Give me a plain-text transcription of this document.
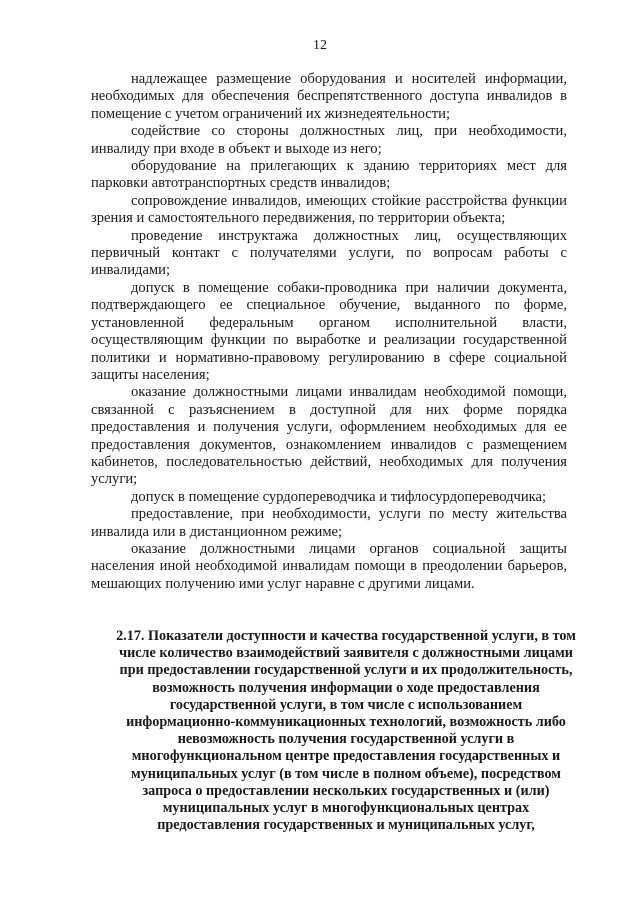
12

надлежащее размещение оборудования и носителей информации, необходимых для обеспечения беспрепятственного доступа инвалидов в помещение с учетом ограничений их жизнедеятельности;

содействие со стороны должностных лиц, при необходимости, инвалиду при входе в объект и выходе из него;

оборудование на прилегающих к зданию территориях мест для парковки автотранспортных средств инвалидов;

сопровождение инвалидов, имеющих стойкие расстройства функции зрения и самостоятельного передвижения, по территории объекта;

проведение инструктажа должностных лиц, осуществляющих первичный контакт с получателями услуги, по вопросам работы с инвалидами;

допуск в помещение собаки-проводника при наличии документа, подтверждающего ее специальное обучение, выданного по форме, установленной федеральным органом исполнительной власти, осуществляющим функции по выработке и реализации государственной политики и нормативно-правовому регулированию в сфере социальной защиты населения;

оказание должностными лицами инвалидам необходимой помощи, связанной с разъяснением в доступной для них форме порядка предоставления и получения услуги, оформлением необходимых для ее предоставления документов, ознакомлением инвалидов с размещением кабинетов, последовательностью действий, необходимых для получения услуги;

допуск в помещение сурдопереводчика и тифлосурдопереводчика;

предоставление, при необходимости, услуги по месту жительства инвалида или в дистанционном режиме;

оказание должностными лицами органов социальной защиты населения иной необходимой инвалидам помощи в преодолении барьеров, мешающих получению ими услуг наравне с другими лицами.

2.17. Показатели доступности и качества государственной услуги, в том числе количество взаимодействий заявителя с должностными лицами при предоставлении государственной услуги и их продолжительность, возможность получения информации о ходе предоставления государственной услуги, в том числе с использованием информационно-коммуникационных технологий, возможность либо невозможность получения государственной услуги в многофункциональном центре предоставления государственных и муниципальных услуг (в том числе в полном объеме), посредством запроса о предоставлении нескольких государственных и (или) муниципальных услуг в многофункциональных центрах предоставления государственных и муниципальных услуг,
